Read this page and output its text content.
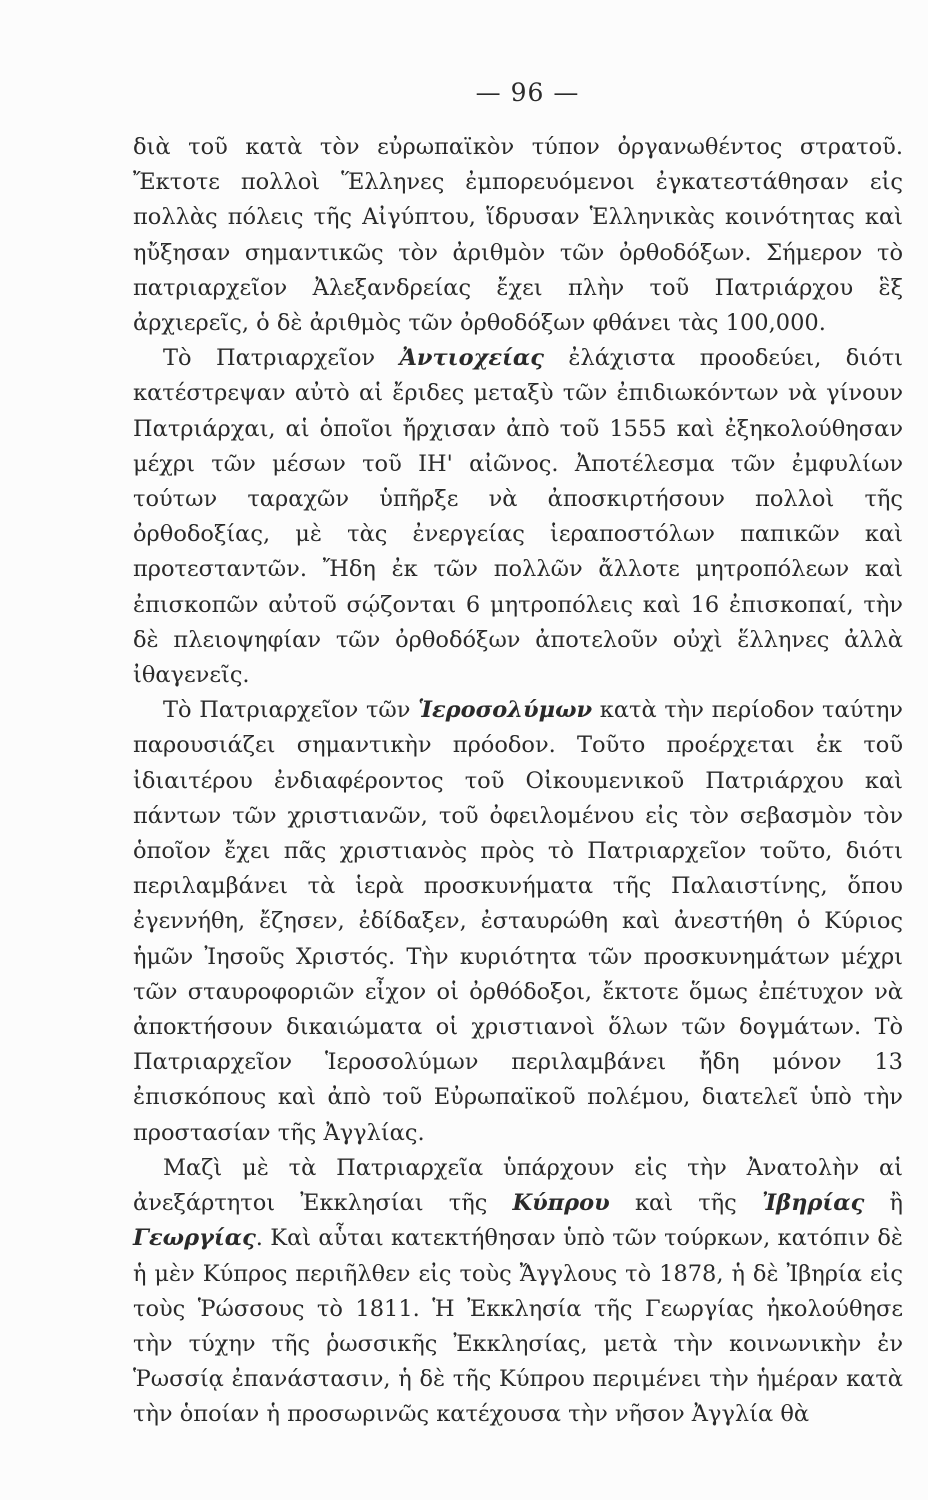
— 96 —

διὰ τοῦ κατὰ τὸν εὐρωπαϊκὸν τύπον ὀργανωθέντος στρατοῦ. Ἔκτοτε πολλοὶ Ἕλληνες ἐμπορευόμενοι ἐγκατεστάθησαν εἰς πολλὰς πόλεις τῆς Αἰγύπτου, ἵδρυσαν Ἑλληνικὰς κοινότητας καὶ ηὔξησαν σημαντικῶς τὸν ἀριθμὸν τῶν ὀρθοδόξων. Σήμερον τὸ πατριαρχεῖον Ἀλεξανδρείας ἔχει πλὴν τοῦ Πατριάρχου ἓξ ἀρχιερεῖς, ὁ δὲ ἀριθμὸς τῶν ὀρθοδόξων φθάνει τὰς 100,000.

Τὸ Πατριαρχεῖον Ἀντιοχείας ἐλάχιστα προοδεύει, διότι κατέστρεψαν αὐτὸ αἱ ἔριδες μεταξὺ τῶν ἐπιδιωκόντων νὰ γίνουν Πατριάρχαι, αἱ ὁποῖοι ἤρχισαν ἀπὸ τοῦ 1555 καὶ ἐξηκολούθησαν μέχρι τῶν μέσων τοῦ ΙΗ' αἰῶνος. Ἀποτέλεσμα τῶν ἐμφυλίων τούτων ταραχῶν ὑπῆρξε νὰ ἀποσκιρτήσουν πολλοὶ τῆς ὀρθοδοξίας, μὲ τὰς ἐνεργείας ἱεραποστόλων παπικῶν καὶ προτεσταντῶν. Ἤδη ἐκ τῶν πολλῶν ἄλλοτε μητροπόλεων καὶ ἐπισκοπῶν αὐτοῦ σῴζονται 6 μητροπόλεις καὶ 16 ἐπισκοπαί, τὴν δὲ πλειοψηφίαν τῶν ὀρθοδόξων ἀποτελοῦν οὐχὶ ἕλληνες ἀλλὰ ἰθαγενεῖς.

Τὸ Πατριαρχεῖον τῶν Ἱεροσολύμων κατὰ τὴν περίοδον ταύτην παρουσιάζει σημαντικὴν πρόοδον. Τοῦτο προέρχεται ἐκ τοῦ ἰδιαιτέρου ἐνδιαφέροντος τοῦ Οἰκουμενικοῦ Πατριάρχου καὶ πάντων τῶν χριστιανῶν, τοῦ ὀφειλομένου εἰς τὸν σεβασμὸν τὸν ὁποῖον ἔχει πᾶς χριστιανὸς πρὸς τὸ Πατριαρχεῖον τοῦτο, διότι περιλαμβάνει τὰ ἱερὰ προσκυνήματα τῆς Παλαιστίνης, ὅπου ἐγεννήθη, ἔζησεν, ἐδίδαξεν, ἐσταυρώθη καὶ ἀνεστήθη ὁ Κύριος ἡμῶν Ἰησοῦς Χριστός. Τὴν κυριότητα τῶν προσκυνημάτων μέχρι τῶν σταυροφοριῶν εἶχον οἱ ὀρθόδοξοι, ἔκτοτε ὅμως ἐπέτυχον νὰ ἀποκτήσουν δικαιώματα οἱ χριστιανοὶ ὅλων τῶν δογμάτων. Τὸ Πατριαρχεῖον Ἱεροσολύμων περιλαμβάνει ἤδη μόνον 13 ἐπισκόπους καὶ ἀπὸ τοῦ Εὐρωπαϊκοῦ πολέμου, διατελεῖ ὑπὸ τὴν προστασίαν τῆς Ἀγγλίας.

Μαζὶ μὲ τὰ Πατριαρχεῖα ὑπάρχουν εἰς τὴν Ἀνατολὴν αἱ ἀνεξάρτητοι Ἐκκλησίαι τῆς Κύπρου καὶ τῆς Ἰβηρίας ἢ Γεωργίας. Καὶ αὗται κατεκτήθησαν ὑπὸ τῶν τούρκων, κατόπιν δὲ ἡ μὲν Κύπρος περιῆλθεν εἰς τοὺς Ἄγγλους τὸ 1878, ἡ δὲ Ἰβηρία εἰς τοὺς Ῥώσσους τὸ 1811. Ἡ Ἐκκλησία τῆς Γεωργίας ἠκολούθησε τὴν τύχην τῆς ῥωσσικῆς Ἐκκλησίας, μετὰ τὴν κοινωνικὴν ἐν Ῥωσσίᾳ ἐπανάστασιν, ἡ δὲ τῆς Κύπρου περιμένει τὴν ἡμέραν κατὰ τὴν ὁποίαν ἡ προσωρινῶς κατέχουσα τὴν νῆσον Ἀγγλία θὰ
